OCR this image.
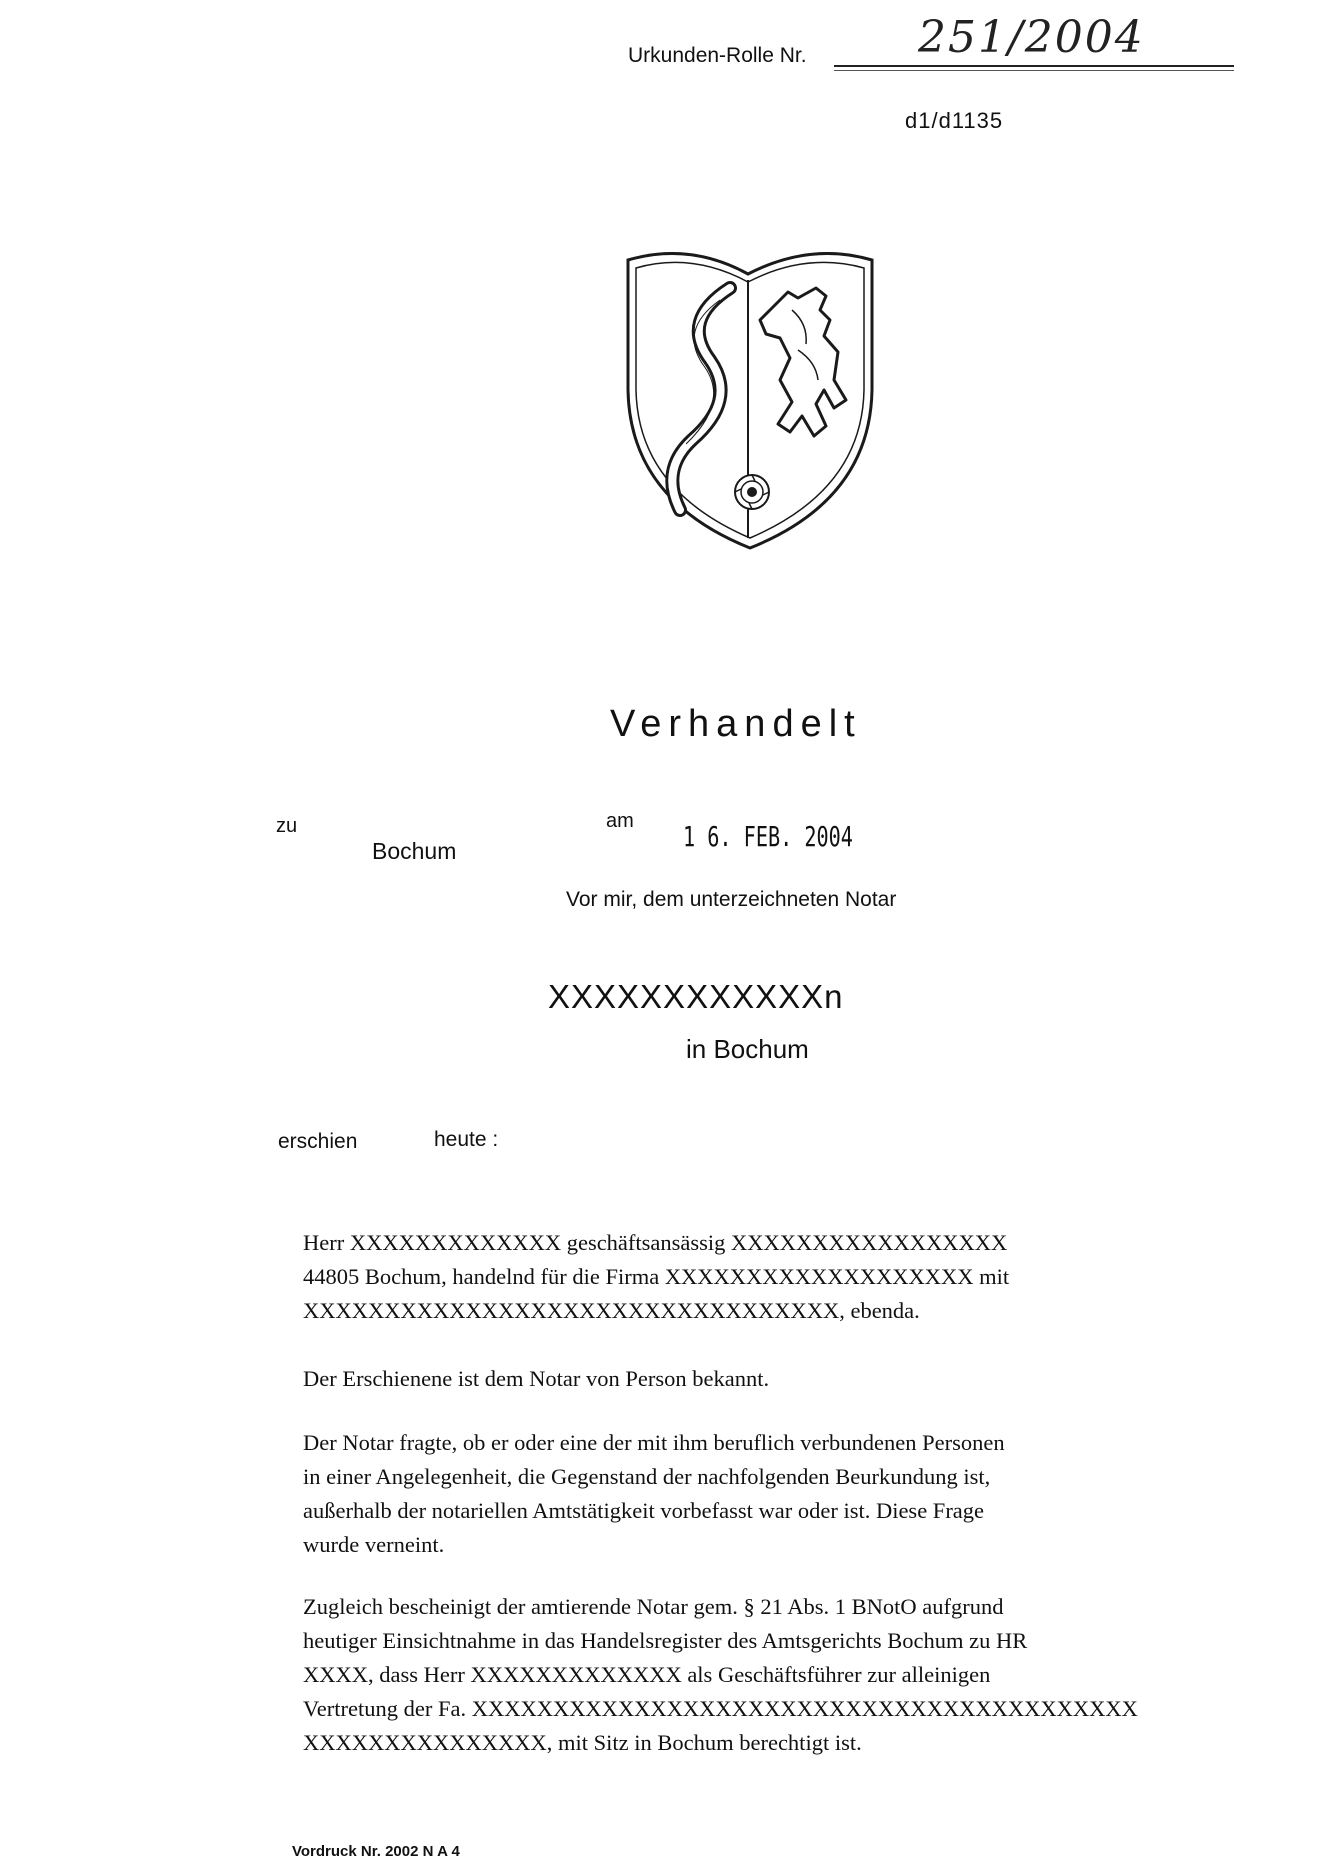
Urkunden-Rolle Nr.	251/2004
d1/d1135
Verhandelt
zu
Bochum
am 1 6. FEB. 2004
Vor mir, dem unterzeichneten Notar
XXXXXXXXXXXXn
in Bochum
erschien	heute :

Herr XXXXXXXXXXXXX geschäftsansässig XXXXXXXXXXXXXXXXX

44805 Bochum, handelnd für die Firma XXXXXXXXXXXXXXXXXXX mit

XXXXXXXXXXXXXXXXXXXXXXXXXXXXXXXXX, ebenda.

Der Erschienene ist dem Notar von Person bekannt.

Der Notar fragte, ob er oder eine der mit ihm beruflich verbundenen Personen

in einer Angelegenheit, die Gegenstand der nachfolgenden Beurkundung ist,

außerhalb der notariellen Amtstätigkeit vorbefasst war oder ist. Diese Frage

wurde verneint.

Zugleich bescheinigt der amtierende Notar gem. § 21 Abs. 1 BNotO aufgrund

heutiger Einsichtnahme in das Handelsregister des Amtsgerichts Bochum zu HR

XXXX, dass Herr XXXXXXXXXXXXX als Geschäftsführer zur alleinigen

Vertretung der Fa. XXXXXXXXXXXXXXXXXXXXXXXXXXXXXXXXXXXXXXXXX

XXXXXXXXXXXXXXX, mit Sitz in Bochum berechtigt ist.

Vordruck Nr. 2002 N A 4
